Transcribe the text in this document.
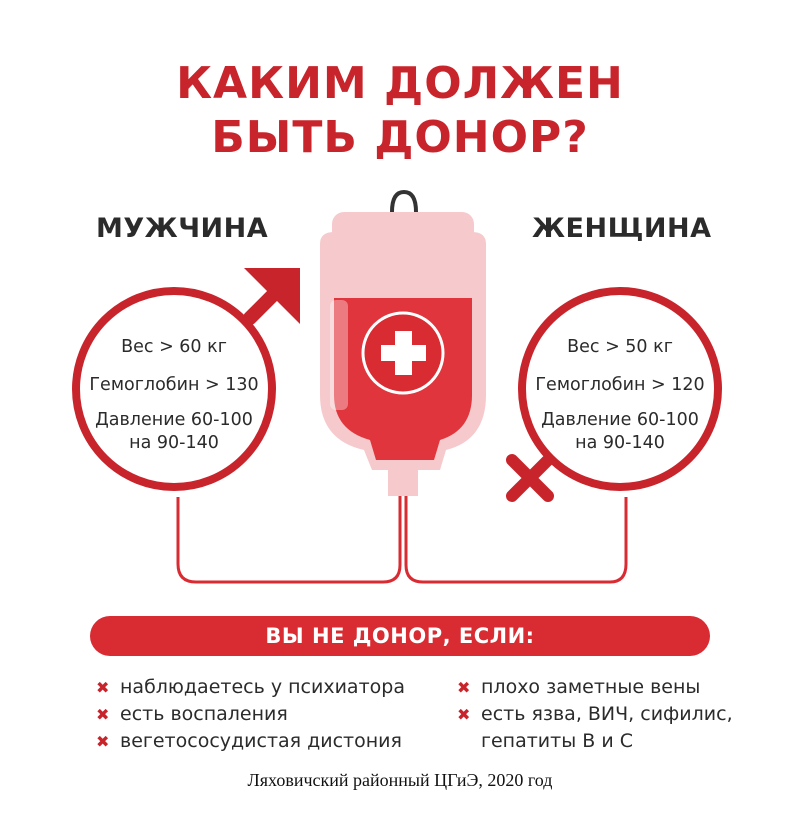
КАКИМ ДОЛЖЕН
БЫТЬ ДОНОР?
МУЖЧИНА	ЖЕНЩИНА
Вес > 60 кг
Гемоглобин > 130
Давление 60-100
на 90-140
Вес > 50 кг
Гемоглобин > 120
Давление 60-100
на 90-140
ВЫ НЕ ДОНОР, ЕСЛИ:
✖ наблюдаетесь у психиатора
✖ есть воспаления
✖ вегетососудистая дистония
✖ плохо заметные вены
✖ есть язва, ВИЧ, сифилис,
гепатиты В и С
Ляховичский районный ЦГиЭ, 2020 год
